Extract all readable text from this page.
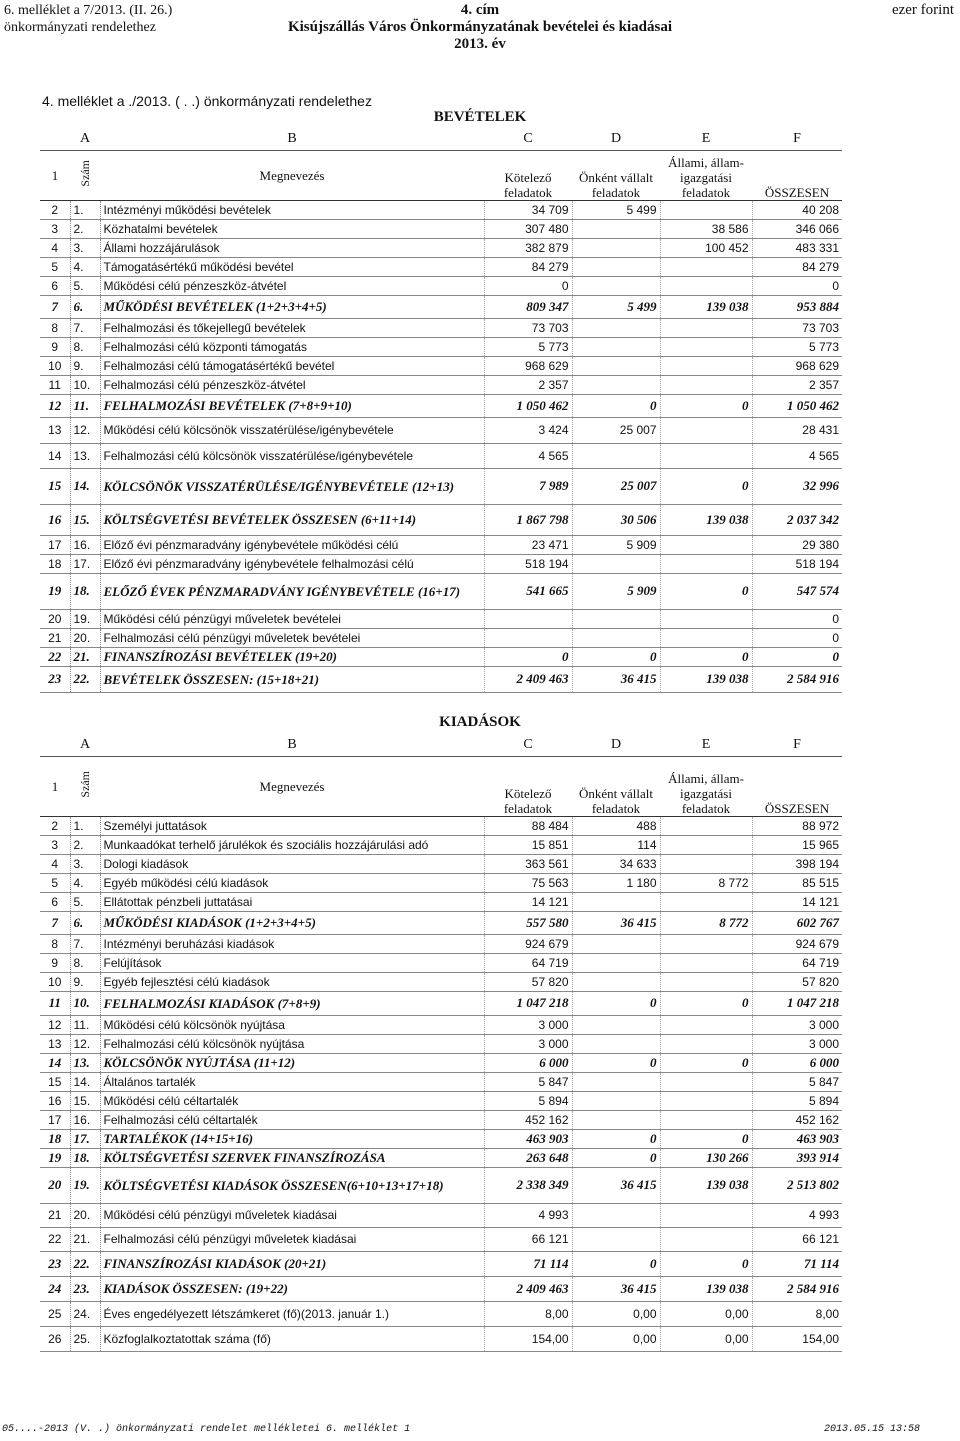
6. melléklet a 7/2013. (II. 26.)
önkormányzati rendelethez
4. cím
Kisújszállás Város Önkormányzatának bevételei és kiadásai
2013. év
ezer forint
4. melléklet a ./2013. ( . .) önkormányzati rendelethez
BEVÉTELEK
	A	B	C	D	E	F
1	Szám	Megnevezés	Kötelező feladatok	Önként vállalt feladatok	Állami, állam-igazgatási feladatok	ÖSSZESEN
2	1.	Intézményi működési bevételek	34 709	5 499		40 208
3	2.	Közhatalmi bevételek	307 480		38 586	346 066
4	3.	Állami hozzájárulások	382 879		100 452	483 331
5	4.	Támogatásértékű működési bevétel	84 279			84 279
6	5.	Működési célú pénzeszköz-átvétel	0			0
7	6.	MŰKÖDÉSI BEVÉTELEK (1+2+3+4+5)	809 347	5 499	139 038	953 884
8	7.	Felhalmozási és tőkejellegű bevételek	73 703			73 703
9	8.	Felhalmozási célú központi támogatás	5 773			5 773
10	9.	Felhalmozási célú támogatásértékű bevétel	968 629			968 629
11	10.	Felhalmozási célú pénzeszköz-átvétel	2 357			2 357
12	11.	FELHALMOZÁSI BEVÉTELEK (7+8+9+10)	1 050 462	0	0	1 050 462
13	12.	Működési célú kölcsönök visszatérülése/igénybevétele	3 424	25 007		28 431
14	13.	Felhalmozási célú kölcsönök visszatérülése/igénybevétele	4 565			4 565
15	14.	KÖLCSÖNÖK VISSZATÉRÜLÉSE/IGÉNYBEVÉTELE (12+13)	7 989	25 007	0	32 996
16	15.	KÖLTSÉGVETÉSI BEVÉTELEK ÖSSZESEN (6+11+14)	1 867 798	30 506	139 038	2 037 342
17	16.	Előző évi pénzmaradvány igénybevétele működési célú	23 471	5 909		29 380
18	17.	Előző évi pénzmaradvány igénybevétele felhalmozási célú	518 194			518 194
19	18.	ELŐZŐ ÉVEK PÉNZMARADVÁNY IGÉNYBEVÉTELE (16+17)	541 665	5 909	0	547 574
20	19.	Működési célú pénzügyi műveletek bevételei				0
21	20.	Felhalmozási célú pénzügyi műveletek bevételei				0
22	21.	FINANSZÍROZÁSI BEVÉTELEK (19+20)	0	0	0	0
23	22.	BEVÉTELEK ÖSSZESEN: (15+18+21)	2 409 463	36 415	139 038	2 584 916
KIADÁSOK
	A	B	C	D	E	F
1	Szám	Megnevezés	Kötelező feladatok	Önként vállalt feladatok	Állami, állam-igazgatási feladatok	ÖSSZESEN
2	1.	Személyi juttatások	88 484	488		88 972
3	2.	Munkaadókat terhelő járulékok és szociális hozzájárulási adó	15 851	114		15 965
4	3.	Dologi kiadások	363 561	34 633		398 194
5	4.	Egyéb működési célú kiadások	75 563	1 180	8 772	85 515
6	5.	Ellátottak pénzbeli juttatásai	14 121			14 121
7	6.	MŰKÖDÉSI KIADÁSOK (1+2+3+4+5)	557 580	36 415	8 772	602 767
8	7.	Intézményi beruházási kiadások	924 679			924 679
9	8.	Felújítások	64 719			64 719
10	9.	Egyéb fejlesztési célú kiadások	57 820			57 820
11	10.	FELHALMOZÁSI KIADÁSOK (7+8+9)	1 047 218	0	0	1 047 218
12	11.	Működési célú kölcsönök nyújtása	3 000			3 000
13	12.	Felhalmozási célú kölcsönök nyújtása	3 000			3 000
14	13.	KÖLCSÖNÖK NYÚJTÁSA (11+12)	6 000	0	0	6 000
15	14.	Általános tartalék	5 847			5 847
16	15.	Működési célú céltartalék	5 894			5 894
17	16.	Felhalmozási célú céltartalék	452 162			452 162
18	17.	TARTALÉKOK (14+15+16)	463 903	0	0	463 903
19	18.	KÖLTSÉGVETÉSI SZERVEK FINANSZÍROZÁSA	263 648	0	130 266	393 914
20	19.	KÖLTSÉGVETÉSI KIADÁSOK ÖSSZESEN(6+10+13+17+18)	2 338 349	36 415	139 038	2 513 802
21	20.	Működési célú pénzügyi műveletek kiadásai	4 993			4 993
22	21.	Felhalmozási célú pénzügyi műveletek kiadásai	66 121			66 121
23	22.	FINANSZÍROZÁSI KIADÁSOK (20+21)	71 114	0	0	71 114
24	23.	KIADÁSOK ÖSSZESEN: (19+22)	2 409 463	36 415	139 038	2 584 916
25	24.	Éves engedélyezett létszámkeret (fő)(2013. január 1.)	8,00	0,00	0,00	8,00
26	25.	Közfoglalkoztatottak száma (fő)	154,00	0,00	0,00	154,00
05....-2013 (V. .) önkormányzati rendelet mellékletei 6. melléklet 1	2013.05.15 13:58
